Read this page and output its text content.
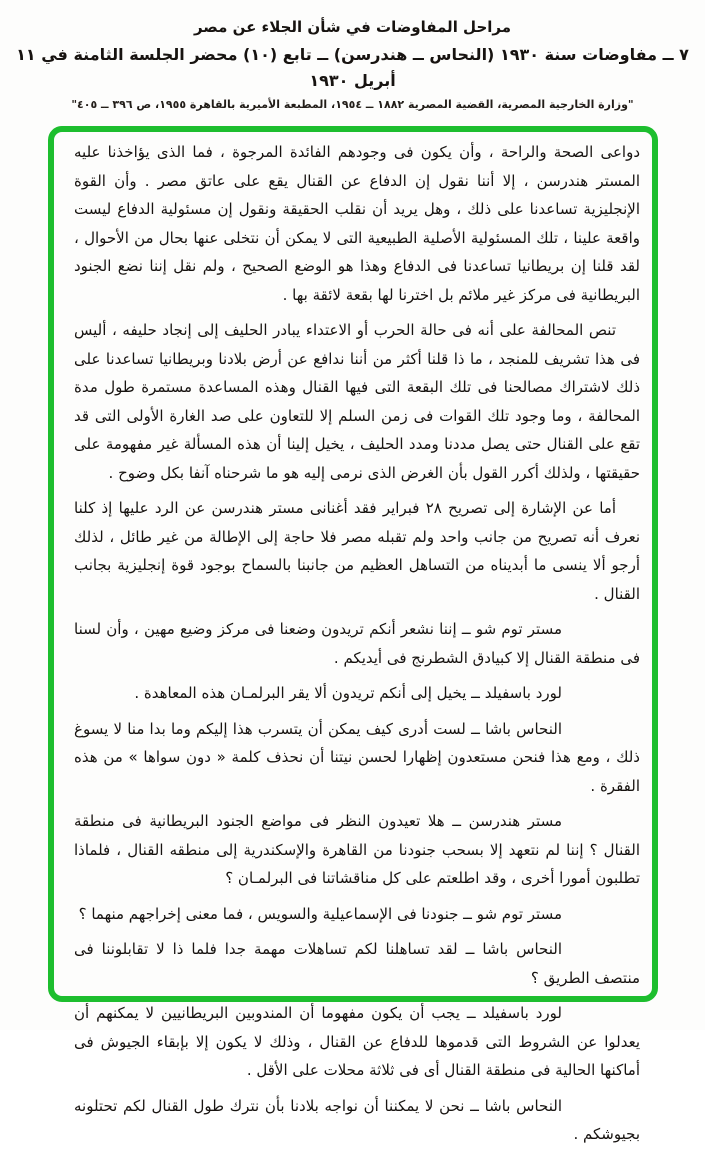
مراحل المفاوضات في شأن الجلاء عن مصر
٧ ــ مفاوضات سنة ١٩٣٠ (النحاس ــ هندرسن) ــ تابع (١٠) محضر الجلسة الثامنة في ١١ أبريل ١٩٣٠
"وزارة الخارجية المصرية، القضية المصرية ١٨٨٢ ــ ١٩٥٤، المطبعة الأميرية بالقاهرة ١٩٥٥، ص ٣٩٦ ــ ٤٠٥"

دواعى الصحة والراحة ، وأن يكون فى وجودهم الفائدة المرجوة ، فما الذى يؤاخذنا عليه المستر هندرسن ، إلا أننا نقول إن الدفاع عن القنال يقع على عاتق مصر . وأن القوة الإنجليزية تساعدنا على ذلك ، وهل يريد أن نقلب الحقيقة ونقول إن مسئولية الدفاع ليست واقعة علينا ، تلك المسئولية الأصلية الطبيعية التى لا يمكن أن نتخلى عنها بحال من الأحوال ، لقد قلنا إن بريطانيا تساعدنا فى الدفاع وهذا هو الوضع الصحيح ، ولم نقل إننا نضع الجنود البريطانية فى مركز غير ملائم بل اخترنا لها بقعة لائقة بها .

تنص المحالفة على أنه فى حالة الحرب أو الاعتداء يبادر الحليف إلى إنجاد حليفه ، أليس فى هذا تشريف للمنجد ، ما ذا قلنا أكثر من أننا ندافع عن أرض بلادنا وبريطانيا تساعدنا على ذلك لاشتراك مصالحنا فى تلك البقعة التى فيها القنال وهذه المساعدة مستمرة طول مدة المحالفة ، وما وجود تلك القوات فى زمن السلم إلا للتعاون على صد الغارة الأولى التى قد تقع على القنال حتى يصل مددنا ومدد الحليف ، يخيل إلينا أن هذه المسألة غير مفهومة على حقيقتها ، ولذلك أكرر القول بأن الغرض الذى نرمى إليه هو ما شرحناه آنفا بكل وضوح .

أما عن الإشارة إلى تصريح ٢٨ فبراير فقد أغنانى مستر هندرسن عن الرد عليها إذ كلنا نعرف أنه تصريح من جانب واحد ولم تقبله مصر فلا حاجة إلى الإطالة من غير طائل ، لذلك أرجو ألا ينسى ما أبديناه من التساهل العظيم من جانبنا بالسماح بوجود قوة إنجليزية بجانب القنال .

مستر توم شو ــ إننا نشعر أنكم تريدون وضعنا فى مركز وضيع مهين ، وأن لسنا فى منطقة القنال إلا كبيادق الشطرنج فى أيديكم .

لورد باسفيلد ــ يخيل إلى أنكم تريدون ألا يقر البرلمـان هذه المعاهدة .

النحاس باشا ــ لست أدرى كيف يمكن أن يتسرب هذا إليكم وما بدا منا لا يسوغ ذلك ، ومع هذا فنحن مستعدون إظهارا لحسن نيتنا أن نحذف كلمة « دون سواها » من هذه الفقرة .

مستر هندرسن ــ هلا تعيدون النظر فى مواضع الجنود البريطانية فى منطقة القنال ؟ إننا لم نتعهد إلا بسحب جنودنا من القاهرة والإسكندرية إلى منطقه القنال ، فلماذا تطلبون أمورا أخرى ، وقد اطلعتم على كل مناقشاتنا فى البرلمـان ؟

مستر توم شو ــ جنودنا فى الإسماعيلية والسويس ، فما معنى إخراجهم منهما ؟

النحاس باشا ــ لقد تساهلنا لكم تساهلات مهمة جدا فلما ذا لا تقابلوننا فى منتصف الطريق ؟

لورد باسفيلد ــ يجب أن يكون مفهوما أن المندوبين البريطانيين لا يمكنهم أن يعدلوا عن الشروط التى قدموها للدفاع عن القنال ، وذلك لا يكون إلا بإبقاء الجيوش فى أماكنها الحالية فى منطقة القنال أى فى ثلاثة محلات على الأقل .

النحاس باشا ــ نحن لا يمكننا أن نواجه بلادنا بأن نترك طول القنال لكم تحتلونه بجيوشكم .
